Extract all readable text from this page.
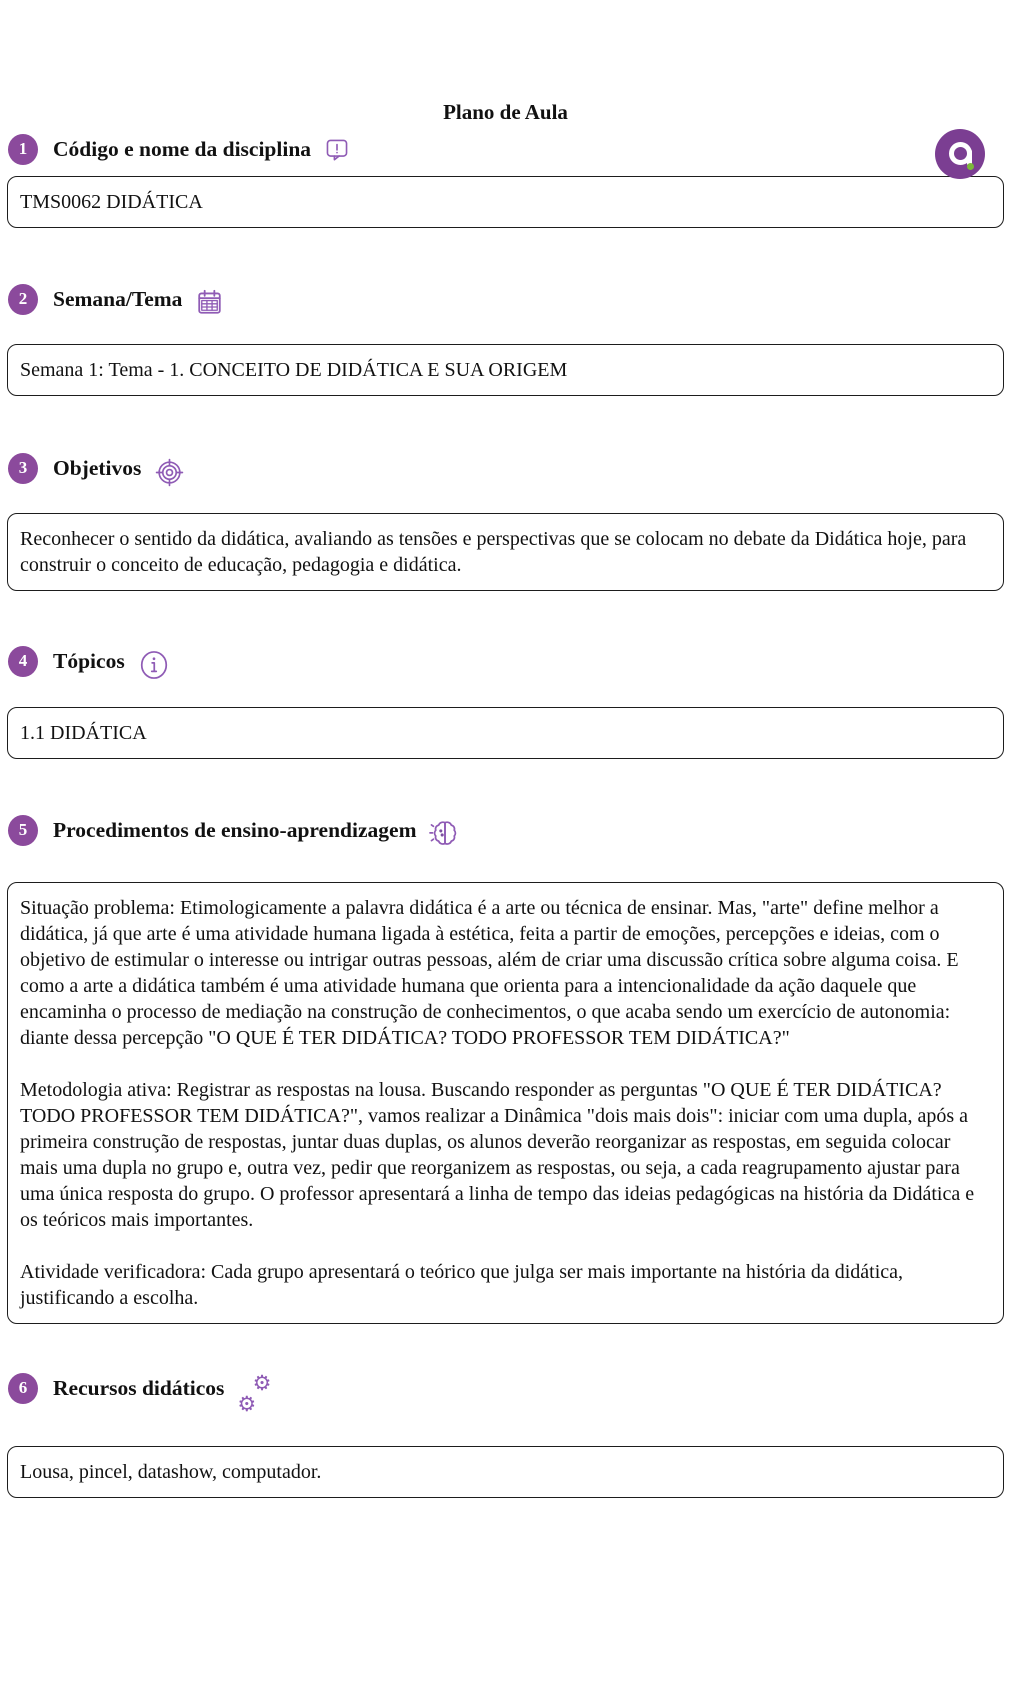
Plano de Aula
1	Código e nome da disciplina

TMS0062 DIDÁTICA

2	Semana/Tema

Semana 1: Tema - 1. CONCEITO DE DIDÁTICA E SUA ORIGEM

3	Objetivos

Reconhecer o sentido da didática, avaliando as tensões e perspectivas que se colocam no debate da Didática hoje, para construir o conceito de educação, pedagogia e didática.

4	Tópicos

1.1 DIDÁTICA

5	Procedimentos de ensino-aprendizagem

Situação problema: Etimologicamente a palavra didática é a arte ou técnica de ensinar. Mas, "arte" define melhor a didática, já que arte é uma atividade humana ligada à estética, feita a partir de emoções, percepções e ideias, com o objetivo de estimular o interesse ou intrigar outras pessoas, além de criar uma discussão crítica sobre alguma coisa. E como a arte a didática também é uma atividade humana que orienta para a intencionalidade da ação daquele que encaminha o processo de mediação na construção de conhecimentos, o que acaba sendo um exercício de autonomia: diante dessa percepção "O QUE É TER DIDÁTICA? TODO PROFESSOR TEM DIDÁTICA?"

Metodologia ativa: Registrar as respostas na lousa. Buscando responder as perguntas "O QUE É TER DIDÁTICA? TODO PROFESSOR TEM DIDÁTICA?", vamos realizar a Dinâmica "dois mais dois": iniciar com uma dupla, após a primeira construção de respostas, juntar duas duplas, os alunos deverão reorganizar as respostas, em seguida colocar mais uma dupla no grupo e, outra vez, pedir que reorganizem as respostas, ou seja, a cada reagrupamento ajustar para uma única resposta do grupo. O professor apresentará a linha de tempo das ideias pedagógicas na história da Didática e os teóricos mais importantes.

Atividade verificadora: Cada grupo apresentará o teórico que julga ser mais importante na história da didática, justificando a escolha.

6	Recursos didáticos ⚙
⚙

Lousa, pincel, datashow, computador.
